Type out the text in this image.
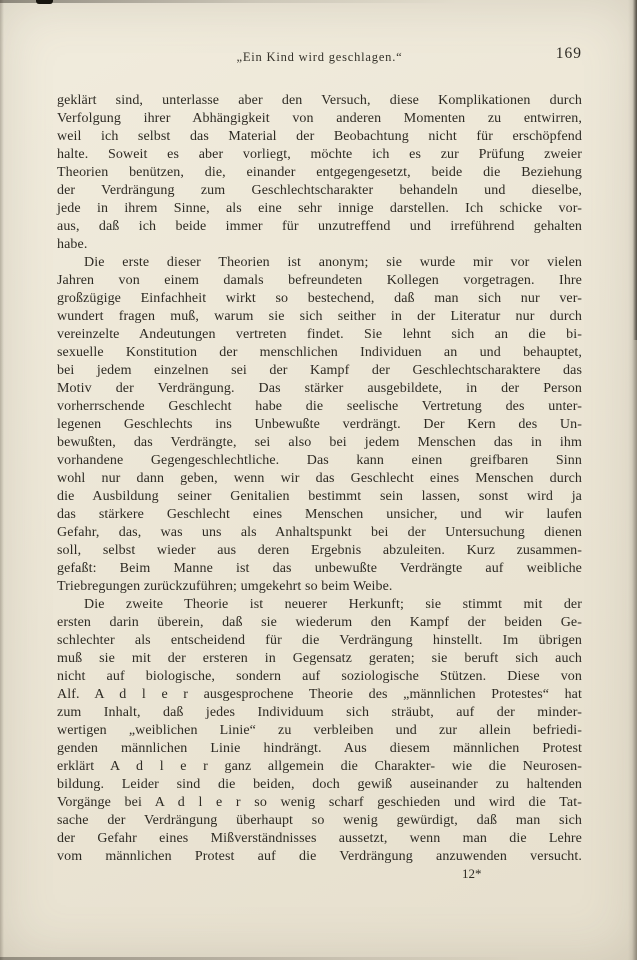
„Ein Kind wird geschlagen.“	169
geklärt sind, unterlasse aber den Versuch, diese Komplikationen durch
Verfolgung ihrer Abhängigkeit von anderen Momenten zu entwirren,
weil ich selbst das Material der Beobachtung nicht für erschöpfend
halte. Soweit es aber vorliegt, möchte ich es zur Prüfung zweier
Theorien benützen, die, einander entgegengesetzt, beide die Beziehung
der Verdrängung zum Geschlechtscharakter behandeln und dieselbe,
jede in ihrem Sinne, als eine sehr innige darstellen. Ich schicke vor-
aus, daß ich beide immer für unzutreffend und irreführend gehalten
habe.
Die erste dieser Theorien ist anonym; sie wurde mir vor vielen
Jahren von einem damals befreundeten Kollegen vorgetragen. Ihre
großzügige Einfachheit wirkt so bestechend, daß man sich nur ver-
wundert fragen muß, warum sie sich seither in der Literatur nur durch
vereinzelte Andeutungen vertreten findet. Sie lehnt sich an die bi-
sexuelle Konstitution der menschlichen Individuen an und behauptet,
bei jedem einzelnen sei der Kampf der Geschlechtscharaktere das
Motiv der Verdrängung. Das stärker ausgebildete, in der Person
vorherrschende Geschlecht habe die seelische Vertretung des unter-
legenen Geschlechts ins Unbewußte verdrängt. Der Kern des Un-
bewußten, das Verdrängte, sei also bei jedem Menschen das in ihm
vorhandene Gegengeschlechtliche. Das kann einen greifbaren Sinn
wohl nur dann geben, wenn wir das Geschlecht eines Menschen durch
die Ausbildung seiner Genitalien bestimmt sein lassen, sonst wird ja
das stärkere Geschlecht eines Menschen unsicher, und wir laufen
Gefahr, das, was uns als Anhaltspunkt bei der Untersuchung dienen
soll, selbst wieder aus deren Ergebnis abzuleiten. Kurz zusammen-
gefaßt: Beim Manne ist das unbewußte Verdrängte auf weibliche
Triebregungen zurückzuführen; umgekehrt so beim Weibe.
Die zweite Theorie ist neuerer Herkunft; sie stimmt mit der
ersten darin überein, daß sie wiederum den Kampf der beiden Ge-
schlechter als entscheidend für die Verdrängung hinstellt. Im übrigen
muß sie mit der ersteren in Gegensatz geraten; sie beruft sich auch
nicht auf biologische, sondern auf soziologische Stützen. Diese von
Alf. A d l e r ausgesprochene Theorie des „männlichen Protestes“ hat
zum Inhalt, daß jedes Individuum sich sträubt, auf der minder-
wertigen „weiblichen Linie“ zu verbleiben und zur allein befriedi-
genden männlichen Linie hindrängt. Aus diesem männlichen Protest
erklärt A d l e r ganz allgemein die Charakter- wie die Neurosen-
bildung. Leider sind die beiden, doch gewiß auseinander zu haltenden
Vorgänge bei A d l e r so wenig scharf geschieden und wird die Tat-
sache der Verdrängung überhaupt so wenig gewürdigt, daß man sich
der Gefahr eines Mißverständnisses aussetzt, wenn man die Lehre
vom männlichen Protest auf die Verdrängung anzuwenden versucht.
12*
